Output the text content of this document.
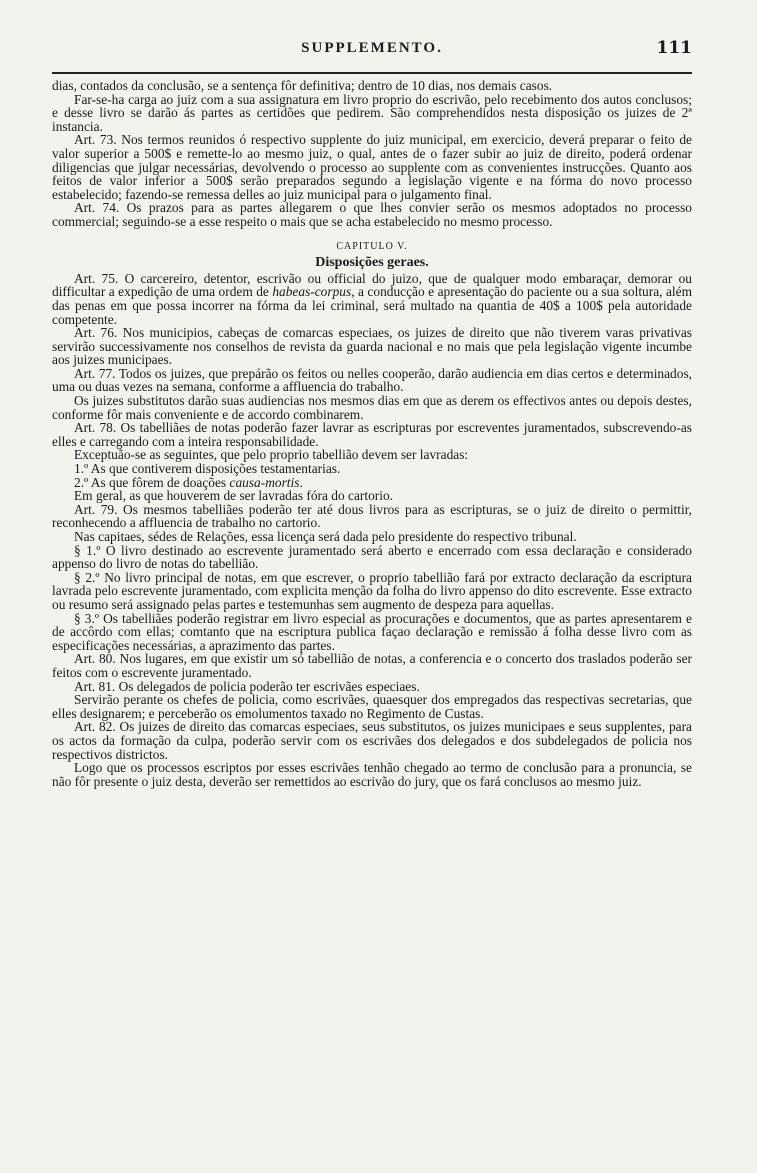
SUPPLEMENTO.	111

dias, contados da conclusão, se a sentença fôr definitiva; dentro de 10 dias, nos demais casos.

Far-se-ha carga ao juiz com a sua assignatura em livro proprio do escrivão, pelo recebimento dos autos conclusos; e desse livro se darão ás partes as certidões que pedirem. São comprehendidos nesta disposição os juizes de 2ª instancia.

Art. 73. Nos termos reunidos ó respectivo supplente do juiz municipal, em exercicio, deverá preparar o feito de valor superior a 500$ e remette-lo ao mesmo juiz, o qual, antes de o fazer subir ao juiz de direito, poderá ordenar diligencias que julgar necessárias, devolvendo o processo ao supplente com as convenientes instrucções. Quanto aos feitos de valor inferior a 500$ serão preparados segundo a legislação vigente e na fórma do novo processo estabelecido; fazendo-se remessa delles ao juiz municipal para o julgamento final.

Art. 74. Os prazos para as partes allegarem o que lhes convier serão os mesmos adoptados no processo commercial; seguindo-se a esse respeito o mais que se acha estabelecido no mesmo processo.

CAPITULO V.
Disposições geraes.

Art. 75. O carcereiro, detentor, escrivão ou official do juizo, que de qualquer modo embaraçar, demorar ou difficultar a expedição de uma ordem de habeas-corpus, a conducção e apresentação do paciente ou a sua soltura, além das penas em que possa incorrer na fórma da lei criminal, será multado na quantia de 40$ a 100$ pela autoridade competente.

Art. 76. Nos municipios, cabeças de comarcas especiaes, os juizes de direito que não tiverem varas privativas servirão successivamente nos conselhos de revista da guarda nacional e no mais que pela legislação vigente incumbe aos juizes municipaes.

Art. 77. Todos os juizes, que prepárão os feitos ou nelles cooperão, darão audiencia em dias certos e determinados, uma ou duas vezes na semana, conforme a affluencia do trabalho.

Os juizes substitutos darão suas audiencias nos mesmos dias em que as derem os effectivos antes ou depois destes, conforme fôr mais conveniente e de accordo combinarem.

Art. 78. Os tabelliães de notas poderão fazer lavrar as escripturas por escreventes juramentados, subscrevendo-as elles e carregando com a inteira responsabilidade.

Exceptuão-se as seguintes, que pelo proprio tabellião devem ser lavradas:

1.º As que contiverem disposições testamentarias.

2.º As que fôrem de doações causa-mortis.

Em geral, as que houverem de ser lavradas fóra do cartorio.

Art. 79. Os mesmos tabelliães poderão ter até dous livros para as escripturas, se o juiz de direito o permittir, reconhecendo a affluencia de trabalho no cartorio.

Nas capitaes, sédes de Relações, essa licença será dada pelo presidente do respectivo tribunal.

§ 1.º O livro destinado ao escrevente juramentado será aberto e encerrado com essa declaração e considerado appenso do livro de notas do tabellião.

§ 2.º No livro principal de notas, em que escrever, o proprio tabellião fará por extracto declaração da escriptura lavrada pelo escrevente juramentado, com explicita menção da folha do livro appenso do dito escrevente. Esse extracto ou resumo será assignado pelas partes e testemunhas sem augmento de despeza para aquellas.

§ 3.º Os tabelliães poderão registrar em livro especial as procurações e documentos, que as partes apresentarem e de accôrdo com ellas; comtanto que na escriptura publica façao declaração e remissão á folha desse livro com as especificações necessárias, a aprazimento das partes.

Art. 80. Nos lugares, em que existir um só tabellião de notas, a conferencia e o concerto dos traslados poderão ser feitos com o escrevente juramentado.

Art. 81. Os delegados de policia poderão ter escrivães especiaes.

Servirão perante os chefes de policia, como escrivães, quaesquer dos empregados das respectivas secretarias, que elles designarem; e perceberão os emolumentos taxado no Regimento de Custas.

Art. 82. Os juizes de direito das comarcas especiaes, seus substitutos, os juizes municipaes e seus supplentes, para os actos da formação da culpa, poderão servir com os escrivães dos delegados e dos subdelegados de policia nos respectivos districtos.

Logo que os processos escriptos por esses escrivães tenhão chegado ao termo de conclusão para a pronuncia, se não fôr presente o juiz desta, deverão ser remettidos ao escrivão do jury, que os fará conclusos ao mesmo juiz.
